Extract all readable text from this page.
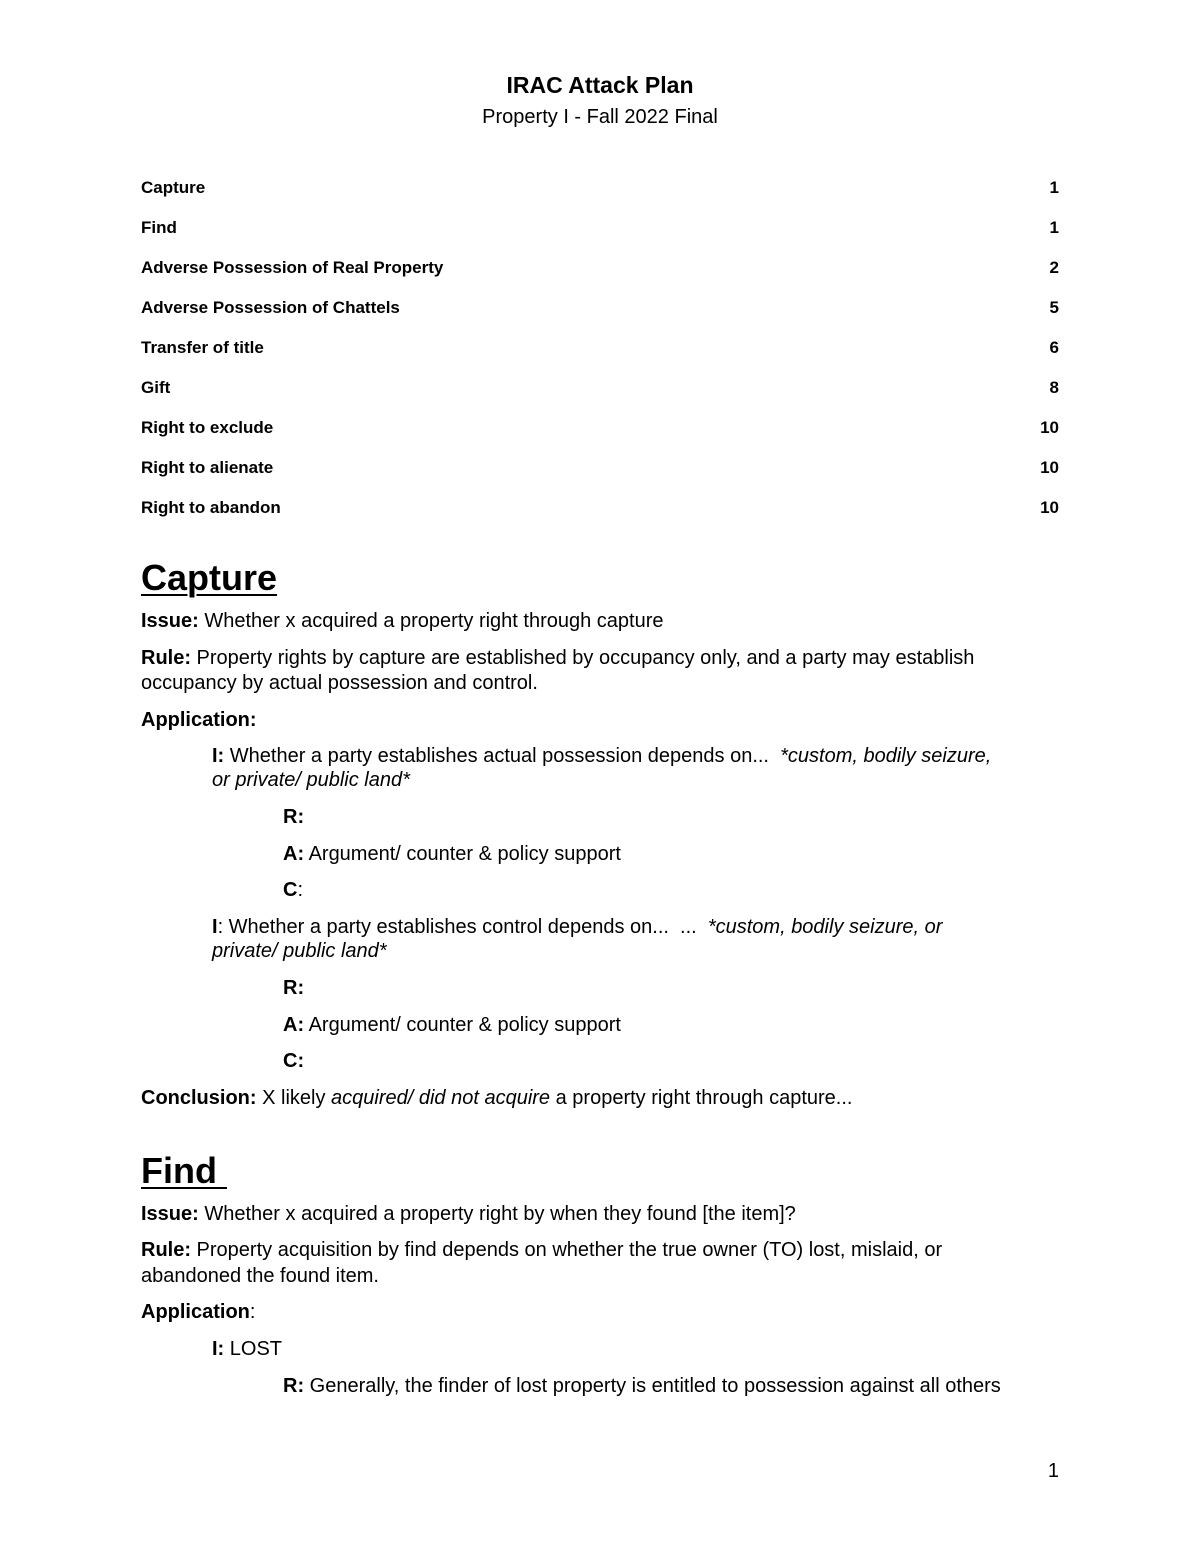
IRAC Attack Plan
Property I - Fall 2022 Final
Capture	1
Find	1
Adverse Possession of Real Property	2
Adverse Possession of Chattels	5
Transfer of title	6
Gift	8
Right to exclude	10
Right to alienate	10
Right to abandon	10
Capture
Issue: Whether x acquired a property right through capture
Rule: Property rights by capture are established by occupancy only, and a party may establish
occupancy by actual possession and control.
Application:
I: Whether a party establishes actual possession depends on...  *custom, bodily seizure,
or private/ public land*
R:
A: Argument/ counter & policy support
C:
I: Whether a party establishes control depends on...  ...  *custom, bodily seizure, or
private/ public land*
R:
A: Argument/ counter & policy support
C:
Conclusion: X likely acquired/ did not acquire a property right through capture...
Find
Issue: Whether x acquired a property right by when they found [the item]?
Rule: Property acquisition by find depends on whether the true owner (TO) lost, mislaid, or
abandoned the found item.
Application:
I: LOST
R: Generally, the finder of lost property is entitled to possession against all others
1
